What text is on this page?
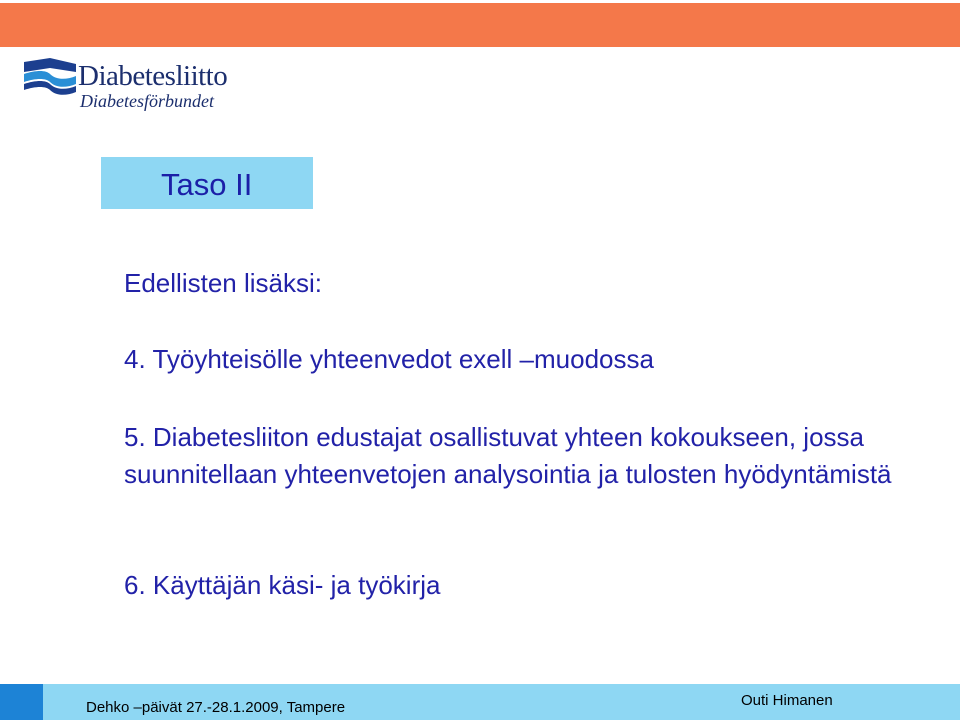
Diabetesliitto
Diabetesförbundet
Taso II

Edellisten lisäksi:

4. Työyhteisölle yhteenvedot exell –muodossa

5. Diabetesliiton edustajat osallistuvat yhteen kokoukseen, jossa suunnitellaan yhteenvetojen analysointia ja tulosten hyödyntämistä

6. Käyttäjän käsi- ja työkirja

Dehko –päivät 27.-28.1.2009, Tampere	Outi Himanen
